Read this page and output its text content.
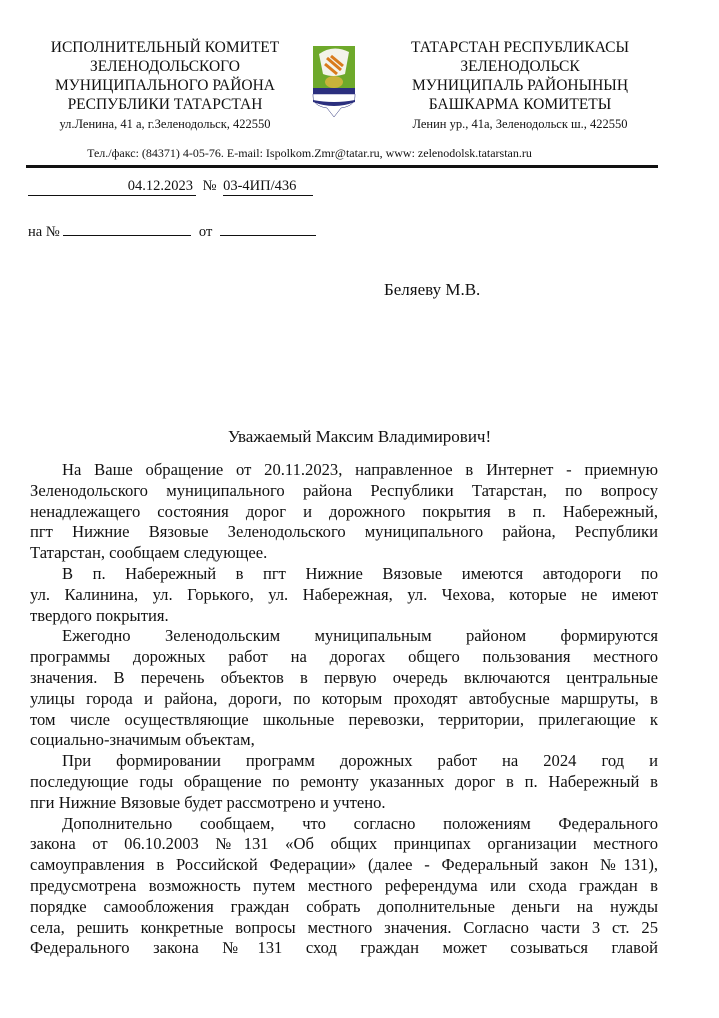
ИСПОЛНИТЕЛЬНЫЙ КОМИТЕТ
ЗЕЛЕНОДОЛЬСКОГО
МУНИЦИПАЛЬНОГО РАЙОНА
РЕСПУБЛИКИ ТАТАРСТАН
ул.Ленина, 41 а, г.Зеленодольск, 422550
ТАТАРСТАН РЕСПУБЛИКАСЫ
ЗЕЛЕНОДОЛЬСК
МУНИЦИПАЛЬ РАЙОНЫНЫҢ
БАШКАРМА КОМИТЕТЫ
Ленин ур., 41а, Зеленодольск ш., 422550
Тел./факс: (84371) 4-05-76. E-mail: Ispolkom.Zmr@tatar.ru, www: zelenodolsk.tatarstan.ru
04.12.2023 № 03-4ИП/436
на №	от
Беляеву М.В.
Уважаемый Максим Владимирович!
На Ваше обращение от 20.11.2023, направленное в Интернет - приемную
Зеленодольского муниципального района Республики Татарстан, по вопросу
ненадлежащего состояния дорог и дорожного покрытия в п. Набережный,
пгт Нижние Вязовые Зеленодольского муниципального района, Республики
Татарстан, сообщаем следующее.
В п. Набережный в пгт Нижние Вязовые имеются автодороги по
ул. Калинина, ул. Горького, ул. Набережная, ул. Чехова, которые не имеют
твердого покрытия.
Ежегодно Зеленодольским муниципальным районом формируются
программы дорожных работ на дорогах общего пользования местного
значения. В перечень объектов в первую очередь включаются центральные
улицы города и района, дороги, по которым проходят автобусные маршруты, в
том числе осуществляющие школьные перевозки, территории, прилегающие к
социально-значимым объектам,
При формировании программ дорожных работ на 2024 год и
последующие годы обращение по ремонту указанных дорог в п. Набережный в
пги Нижние Вязовые будет рассмотрено и учтено.
Дополнительно сообщаем, что согласно положениям Федерального
закона от 06.10.2003 №131 «Об общих принципах организации местного
самоуправления в Российской Федерации» (далее - Федеральный закон №131),
предусмотрена возможность путем местного референдума или схода граждан в
порядке самообложения граждан собрать дополнительные деньги на нужды
села, решить конкретные вопросы местного значения. Согласно части 3 ст. 25
Федерального закона №131 сход граждан может созываться главой
